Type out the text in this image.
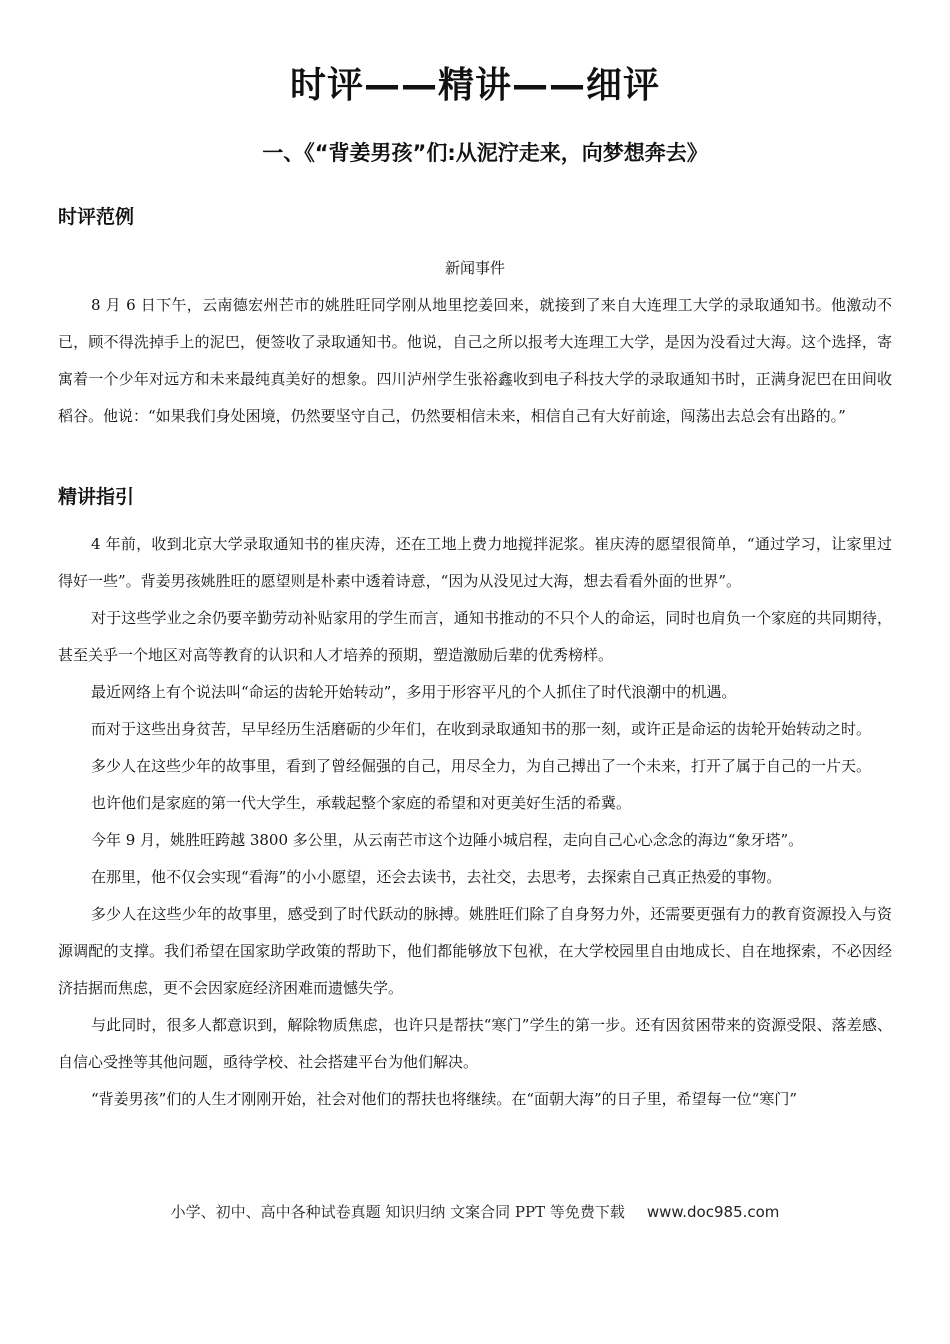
时评——精讲——细评
一、《“背姜男孩”们:从泥泞走来，向梦想奔去》
时评范例

新闻事件

8 月 6 日下午，云南德宏州芒市的姚胜旺同学刚从地里挖姜回来，就接到了来自大连理工大学的录取通知书。他激动不已，顾不得洗掉手上的泥巴，便签收了录取通知书。他说，自己之所以报考大连理工大学，是因为没看过大海。这个选择，寄寓着一个少年对远方和未来最纯真美好的想象。四川泸州学生张裕鑫收到电子科技大学的录取通知书时，正满身泥巴在田间收稻谷。他说：“如果我们身处困境，仍然要坚守自己，仍然要相信未来，相信自己有大好前途，闯荡出去总会有出路的。”

精讲指引

4 年前，收到北京大学录取通知书的崔庆涛，还在工地上费力地搅拌泥浆。崔庆涛的愿望很简单，“通过学习，让家里过得好一些”。背姜男孩姚胜旺的愿望则是朴素中透着诗意，“因为从没见过大海，想去看看外面的世界”。

对于这些学业之余仍要辛勤劳动补贴家用的学生而言，通知书推动的不只个人的命运，同时也肩负一个家庭的共同期待，甚至关乎一个地区对高等教育的认识和人才培养的预期，塑造激励后辈的优秀榜样。

最近网络上有个说法叫“命运的齿轮开始转动”，多用于形容平凡的个人抓住了时代浪潮中的机遇。

而对于这些出身贫苦，早早经历生活磨砺的少年们，在收到录取通知书的那一刻，或许正是命运的齿轮开始转动之时。

多少人在这些少年的故事里，看到了曾经倔强的自己，用尽全力，为自己搏出了一个未来，打开了属于自己的一片天。

也许他们是家庭的第一代大学生，承载起整个家庭的希望和对更美好生活的希冀。

今年 9 月，姚胜旺跨越 3800 多公里，从云南芒市这个边陲小城启程，走向自己心心念念的海边“象牙塔”。

在那里，他不仅会实现“看海”的小小愿望，还会去读书，去社交，去思考，去探索自己真正热爱的事物。

多少人在这些少年的故事里，感受到了时代跃动的脉搏。姚胜旺们除了自身努力外，还需要更强有力的教育资源投入与资源调配的支撑。我们希望在国家助学政策的帮助下，他们都能够放下包袱，在大学校园里自由地成长、自在地探索，不必因经济拮据而焦虑，更不会因家庭经济困难而遗憾失学。

与此同时，很多人都意识到，解除物质焦虑，也许只是帮扶“寒门”学生的第一步。还有因贫困带来的资源受限、落差感、自信心受挫等其他问题，亟待学校、社会搭建平台为他们解决。

“背姜男孩”们的人生才刚刚开始，社会对他们的帮扶也将继续。在“面朝大海”的日子里，希望每一位“寒门”

小学、初中、高中各种试卷真题 知识归纳 文案合同 PPT 等免费下载 www.doc985.com
